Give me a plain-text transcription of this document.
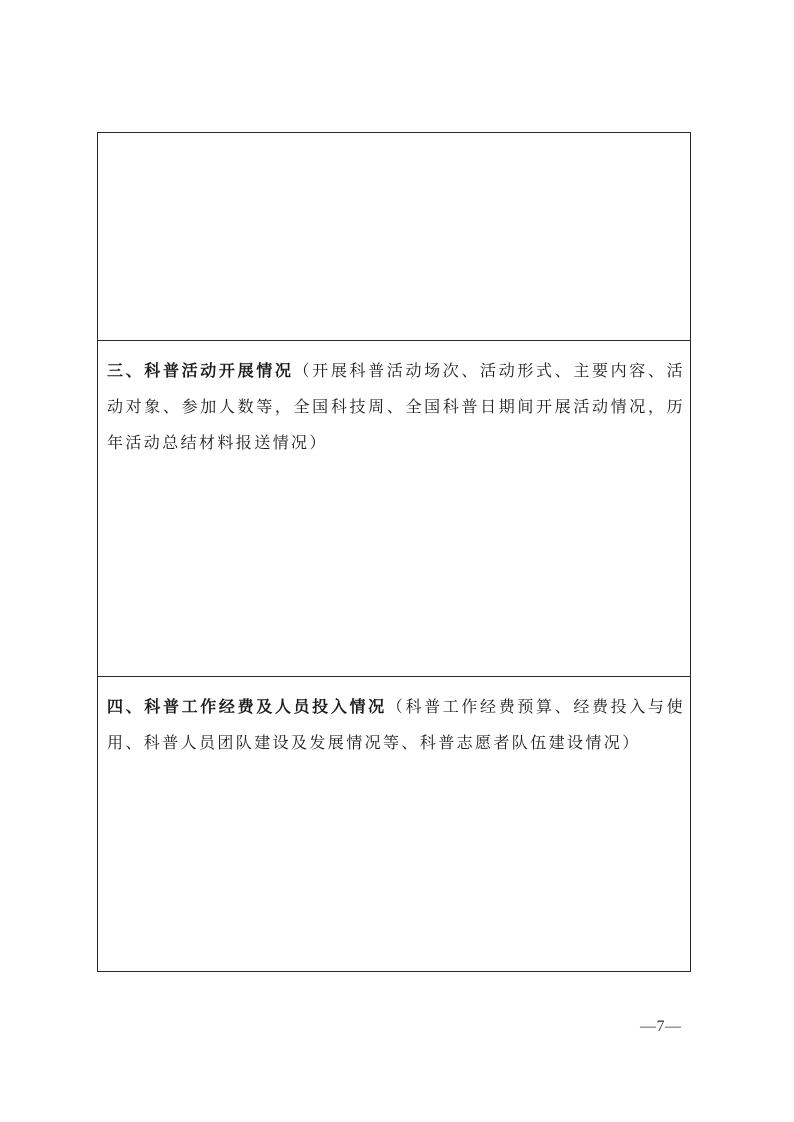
三、科普活动开展情况（开展科普活动场次、活动形式、主要内容、活动对象、参加人数等，全国科技周、全国科普日期间开展活动情况，历年活动总结材料报送情况）
四、科普工作经费及人员投入情况（科普工作经费预算、经费投入与使用、科普人员团队建设及发展情况等、科普志愿者队伍建设情况）
—7—
